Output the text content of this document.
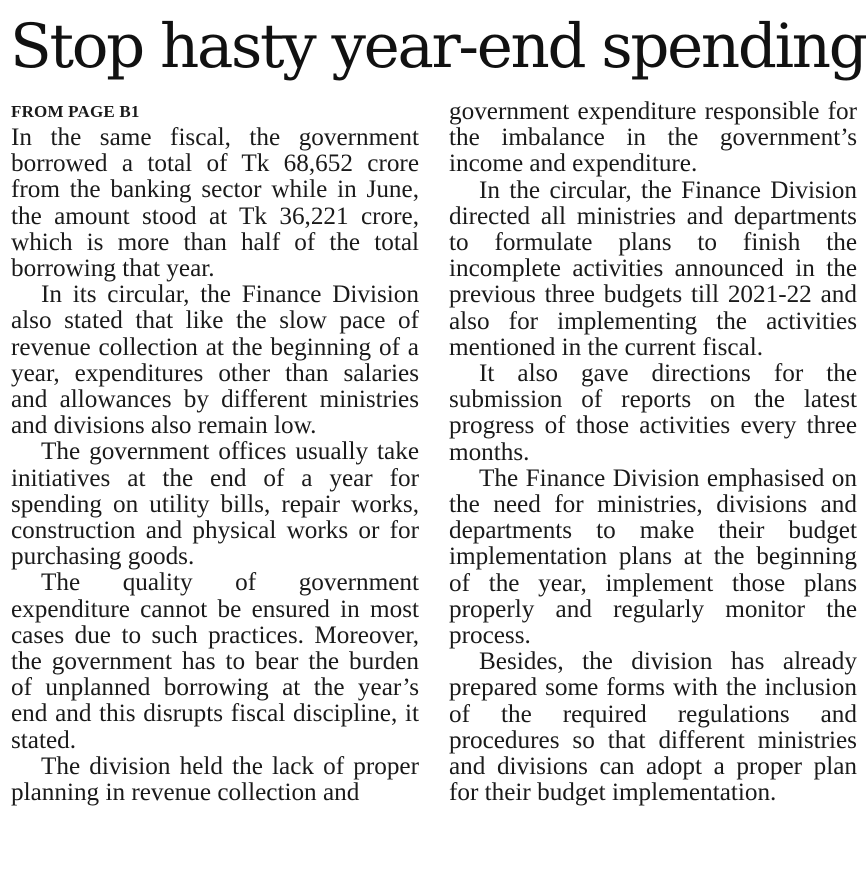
Stop hasty year-end spending
FROM PAGE B1

In the same fiscal, the government borrowed a total of Tk 68,652 crore from the banking sector while in June, the amount stood at Tk 36,221 crore, which is more than half of the total borrowing that year.

In its circular, the Finance Division also stated that like the slow pace of revenue collection at the beginning of a year, expenditures other than salaries and allowances by different ministries and divisions also remain low.

The government offices usually take initiatives at the end of a year for spending on utility bills, repair works, construction and physical works or for purchasing goods.

The quality of government expenditure cannot be ensured in most cases due to such practices. Moreover, the government has to bear the burden of unplanned borrowing at the year’s end and this disrupts fiscal discipline, it stated.

The division held the lack of proper planning in revenue collection and

government expenditure responsible for the imbalance in the government’s income and expenditure.

In the circular, the Finance Division directed all ministries and departments to formulate plans to finish the incomplete activities announced in the previous three budgets till 2021-22 and also for implementing the activities mentioned in the current fiscal.

It also gave directions for the submission of reports on the latest progress of those activities every three months.

The Finance Division emphasised on the need for ministries, divisions and departments to make their budget implementation plans at the beginning of the year, implement those plans properly and regularly monitor the process.

Besides, the division has already prepared some forms with the inclusion of the required regulations and procedures so that different ministries and divisions can adopt a proper plan for their budget implementation.
